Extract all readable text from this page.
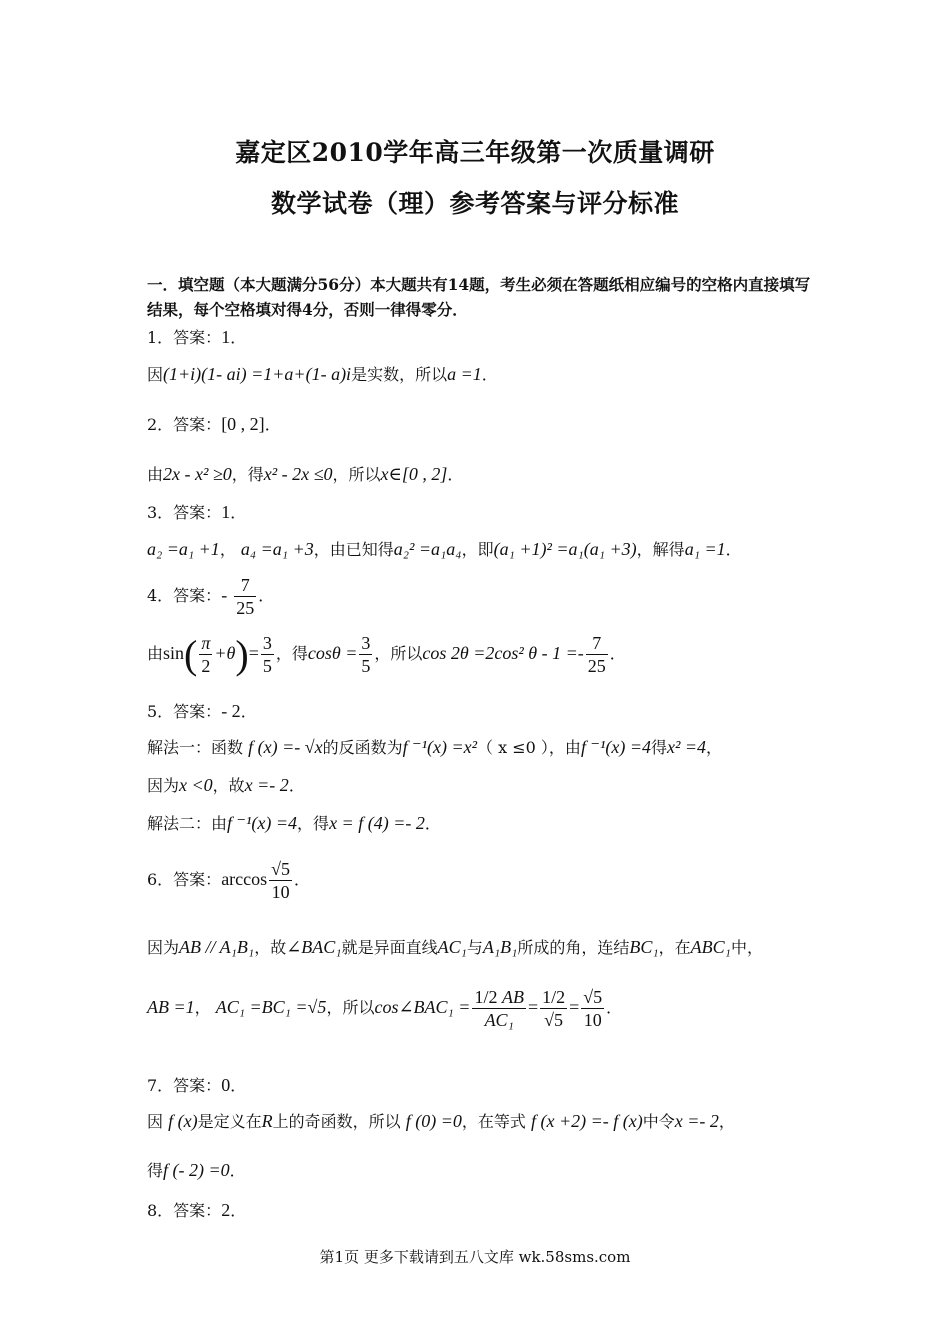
嘉定区2010学年高三年级第一次质量调研
数学试卷（理）参考答案与评分标准
一．填空题（本大题满分56分）本大题共有14题，考生必须在答题纸相应编号的空格内直接填写结果，每个空格填对得4分，否则一律得零分．
1．答案：1．
因(1+i)(1- ai) =1+a+(1- a)i是实数，所以a =1．
2．答案：[0 , 2]．
由2x - x² ≥0，得x² - 2x ≤0，所以x∈[0 , 2]．
3．答案：1．
a₂ =a₁ +1， a₄ =a₁ +3，由已知得a₂² =a₁a₄，即(a₁ +1)² =a₁(a₁ +3)，解得a₁ =1．
4．答案：- $\frac{7}{25}$ ．
由$\sin( \frac{\pi}{2} +\theta)= \frac{3}{5}$ ，得$\cos\theta = \frac{3}{5}$ ，所以cos 2θ =2cos² $\theta - 1 =- \frac{7}{25}$ ．
5．答案：- 2．
解法一：函数 f (x) =- √x的反函数为f ⁻¹(x) =x²（ x ≤0 ），由f ⁻¹(x) =4得x² =4，
因为x <0，故x =- 2．
解法二：由f ⁻¹(x) =4，得x = f (4) =- 2．
6．答案：$\arccos \frac{√5}{10}$ ．
因为AB // A₁B₁，故∠BAC₁就是异面直线AC₁与A₁B₁所成的角，连结BC₁，在ABC₁中，
AB =1， AC₁ =BC₁ =√5，所以cos∠BAC₁ = $\frac{1/2 AB}{\text{AC₁}} = \frac{1/2}{√5} = \frac{√5}{10}$ ．
7．答案：0．
因 f (x)是定义在R上的奇函数，所以 f (0) =0，在等式 f (x +2) =- f (x)中令x =- 2，
得f (- 2) =0．
8．答案：2．
第1页 更多下载请到五八文库 wk.58sms.com
